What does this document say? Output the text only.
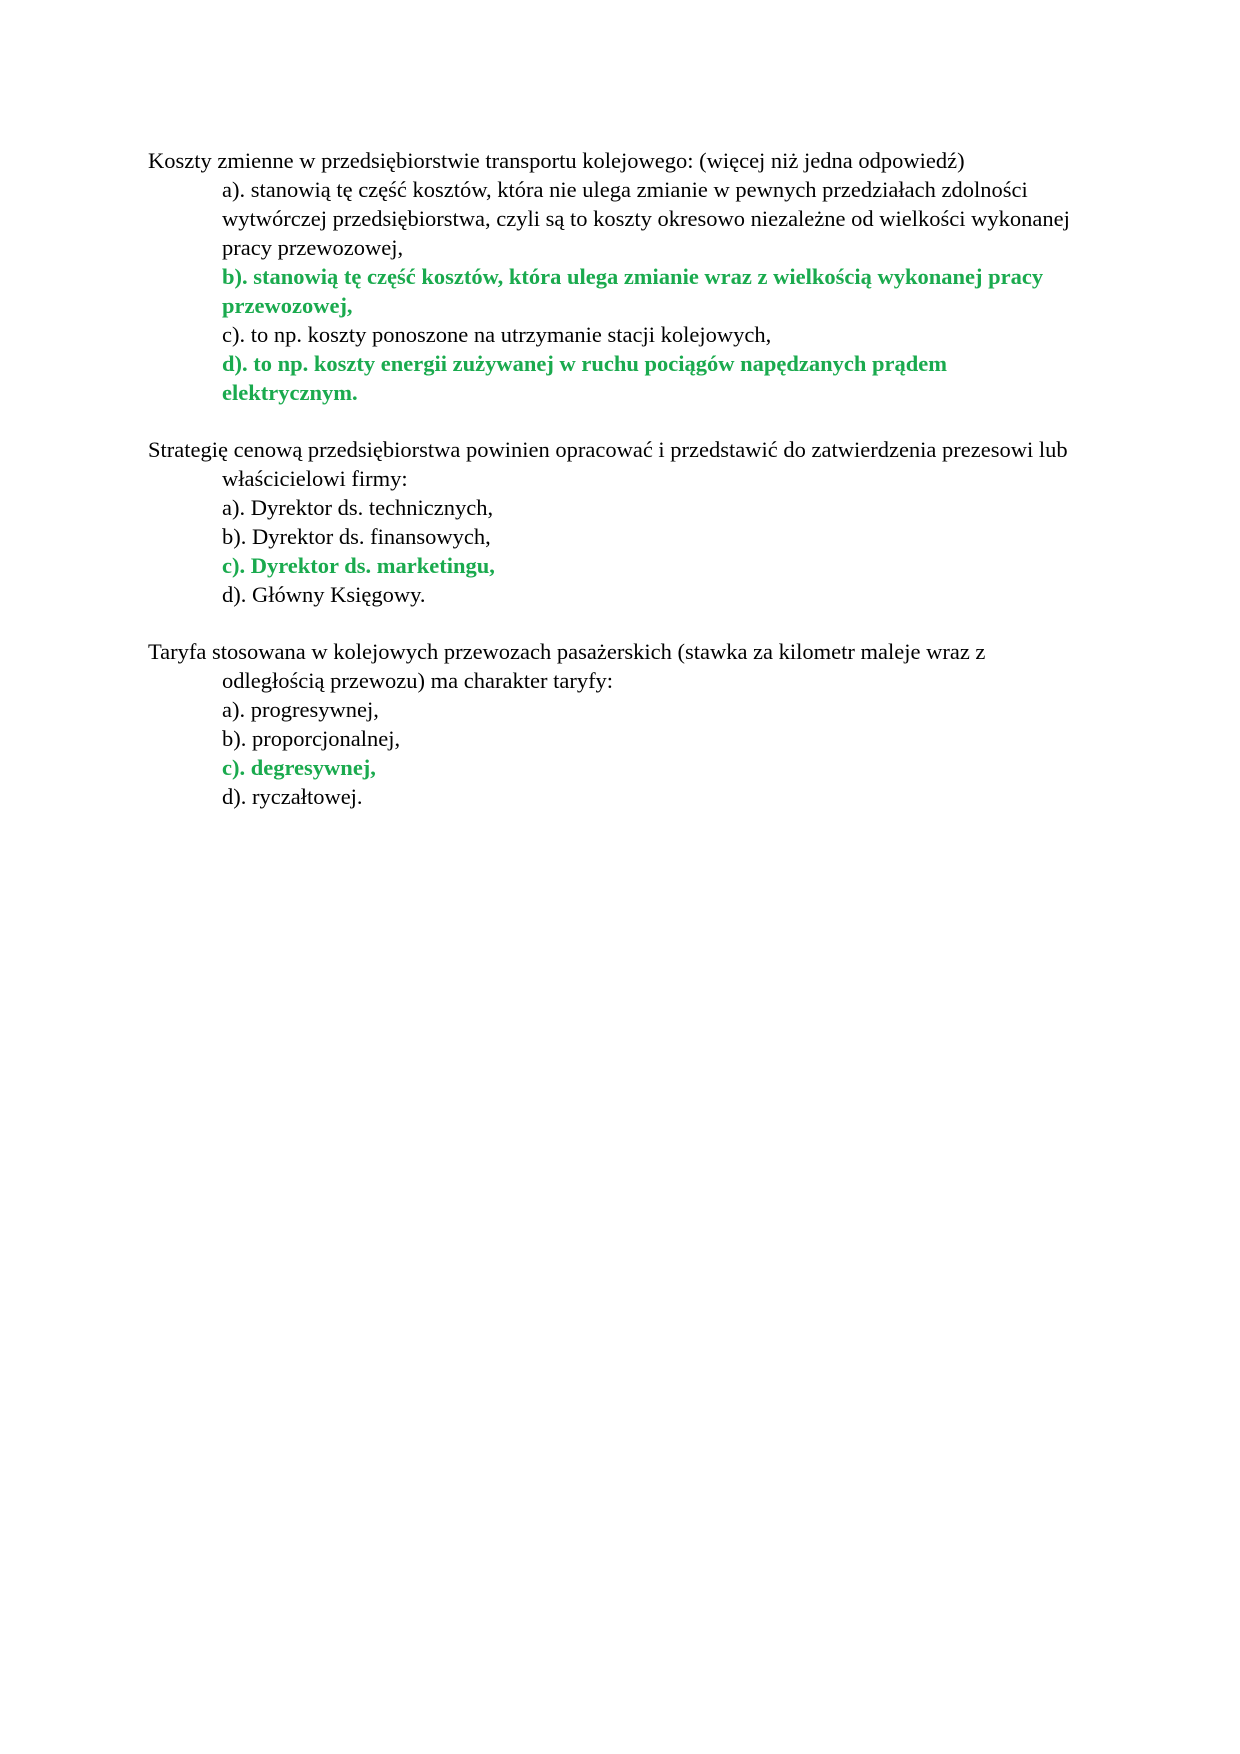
Koszty zmienne w przedsiębiorstwie transportu kolejowego: (więcej niż jedna odpowiedź)

a). stanowią tę część kosztów, która nie ulega zmianie w pewnych przedziałach zdolności wytwórczej przedsiębiorstwa, czyli są to koszty okresowo niezależne od wielkości wykonanej pracy przewozowej,
b). stanowią tę część kosztów, która ulega zmianie wraz z wielkością wykonanej pracy przewozowej,
c). to np. koszty ponoszone na utrzymanie stacji kolejowych,
d). to np. koszty energii zużywanej w ruchu pociągów napędzanych prądem elektrycznym.

Strategię cenową przedsiębiorstwa powinien opracować i przedstawić do zatwierdzenia prezesowi lub właścicielowi firmy:

a). Dyrektor ds. technicznych,
b). Dyrektor ds. finansowych,
c). Dyrektor ds. marketingu,
d). Główny Księgowy.

Taryfa stosowana w kolejowych przewozach pasażerskich (stawka za kilometr maleje wraz z odległością przewozu) ma charakter taryfy:

a). progresywnej,
b). proporcjonalnej,
c). degresywnej,
d). ryczałtowej.
